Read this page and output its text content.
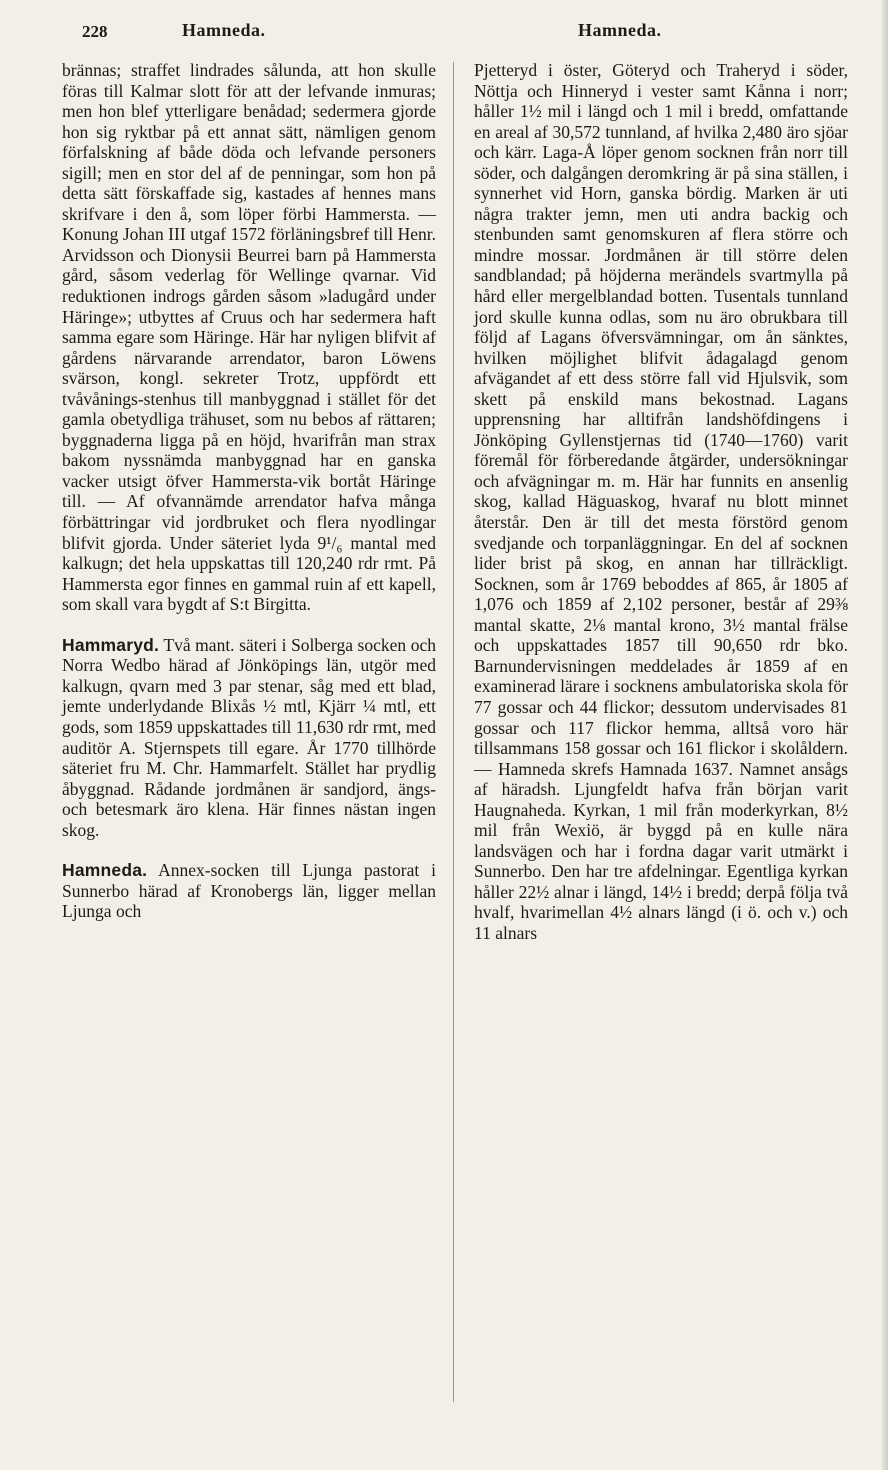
228	Hamneda.	Hamneda.

brännas; straffet lindrades sålunda, att hon skulle föras till Kalmar slott för att der lefvande inmuras; men hon blef ytterligare benådad; sedermera gjorde hon sig ryktbar på ett annat sätt, nämligen genom förfalskning af både döda och lefvande personers sigill; men en stor del af de penningar, som hon på detta sätt förskaffade sig, kastades af hennes mans skrifvare i den å, som löper förbi Hammersta. — Konung Johan III utgaf 1572 förläningsbref till Henr. Arvidsson och Dionysii Beurrei barn på Hammersta gård, såsom vederlag för Wellinge qvarnar. Vid reduktionen indrogs gården såsom »ladugård under Häringe»; utbyttes af Cruus och har sedermera haft samma egare som Häringe. Här har nyligen blifvit af gårdens närvarande arrendator, baron Löwens svärson, kongl. sekreter Trotz, uppfördt ett tvåvånings-stenhus till manbyggnad i stället för det gamla obetydliga trähuset, som nu bebos af rättaren; byggnaderna ligga på en höjd, hvarifrån man strax bakom nyssnämda manbyggnad har en ganska vacker utsigt öfver Hammersta-vik bortåt Häringe till. — Af ofvannämde arrendator hafva många förbättringar vid jordbruket och flera nyodlingar blifvit gjorda. Under säteriet lyda 9¹/₆ mantal med kalkugn; det hela uppskattas till 120,240 rdr rmt. På Hammersta egor finnes en gammal ruin af ett kapell, som skall vara bygdt af S:t Birgitta.

Hammaryd. Två mant. säteri i Solberga socken och Norra Wedbo härad af Jönköpings län, utgör med kalkugn, qvarn med 3 par stenar, såg med ett blad, jemte underlydande Blixås ½ mtl, Kjärr ¼ mtl, ett gods, som 1859 uppskattades till 11,630 rdr rmt, med auditör A. Stjernspets till egare. År 1770 tillhörde säteriet fru M. Chr. Hammarfelt. Stället har prydlig åbyggnad. Rådande jordmånen är sandjord, ängs- och betesmark äro klena. Här finnes nästan ingen skog.

Hamneda. Annex-socken till Ljunga pastorat i Sunnerbo härad af Kronobergs län, ligger mellan Ljunga och

Pjetteryd i öster, Göteryd och Traheryd i söder, Nöttja och Hinneryd i vester samt Kånna i norr; håller 1½ mil i längd och 1 mil i bredd, omfattande en areal af 30,572 tunnland, af hvilka 2,480 äro sjöar och kärr. Laga-Å löper genom socknen från norr till söder, och dalgången deromkring är på sina ställen, i synnerhet vid Horn, ganska bördig. Marken är uti några trakter jemn, men uti andra backig och stenbunden samt genomskuren af flera större och mindre mossar. Jordmånen är till större delen sandblandad; på höjderna merändels svartmylla på hård eller mergelblandad botten. Tusentals tunnland jord skulle kunna odlas, som nu äro obrukbara till följd af Lagans öfversvämningar, om ån sänktes, hvilken möjlighet blifvit ådagalagd genom afvägandet af ett dess större fall vid Hjulsvik, som skett på enskild mans bekostnad. Lagans upprensning har alltifrån landshöfdingens i Jönköping Gyllenstjernas tid (1740—1760) varit föremål för förberedande åtgärder, undersökningar och afvägningar m. m. Här har funnits en ansenlig skog, kallad Häguaskog, hvaraf nu blott minnet återstår. Den är till det mesta förstörd genom svedjande och torpanläggningar. En del af socknen lider brist på skog, en annan har tillräckligt. Socknen, som år 1769 beboddes af 865, år 1805 af 1,076 och 1859 af 2,102 personer, består af 29⅜ mantal skatte, 2⅛ mantal krono, 3½ mantal frälse och uppskattades 1857 till 90,650 rdr bko. Barnundervisningen meddelades år 1859 af en examinerad lärare i socknens ambulatoriska skola för 77 gossar och 44 flickor; dessutom undervisades 81 gossar och 117 flickor hemma, alltså voro här tillsammans 158 gossar och 161 flickor i skolåldern. — Hamneda skrefs Hamnada 1637. Namnet ansågs af häradsh. Ljungfeldt hafva från början varit Haugnaheda. Kyrkan, 1 mil från moderkyrkan, 8½ mil från Wexiö, är byggd på en kulle nära landsvägen och har i fordna dagar varit utmärkt i Sunnerbo. Den har tre afdelningar. Egentliga kyrkan håller 22½ alnar i längd, 14½ i bredd; derpå följa två hvalf, hvarimellan 4½ alnars längd (i ö. och v.) och 11 alnars
